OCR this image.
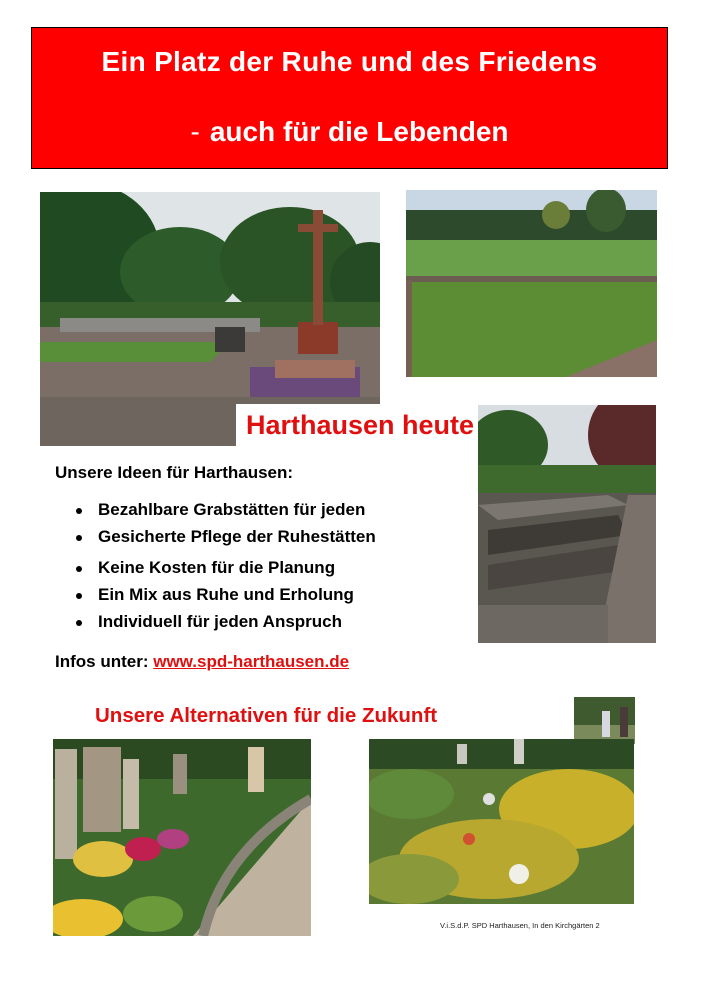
Ein Platz der Ruhe und des Friedens
- auch für die Lebenden
Harthausen heute
Unsere Ideen für Harthausen:
Bezahlbare Grabstätten für jeden
Gesicherte Pflege der Ruhestätten
Keine Kosten für die Planung
Ein Mix aus Ruhe und Erholung
Individuell für jeden Anspruch
Infos unter: www.spd-harthausen.de
Unsere Alternativen für die Zukunft
V.i.S.d.P. SPD Harthausen, In den Kirchgärten 2
